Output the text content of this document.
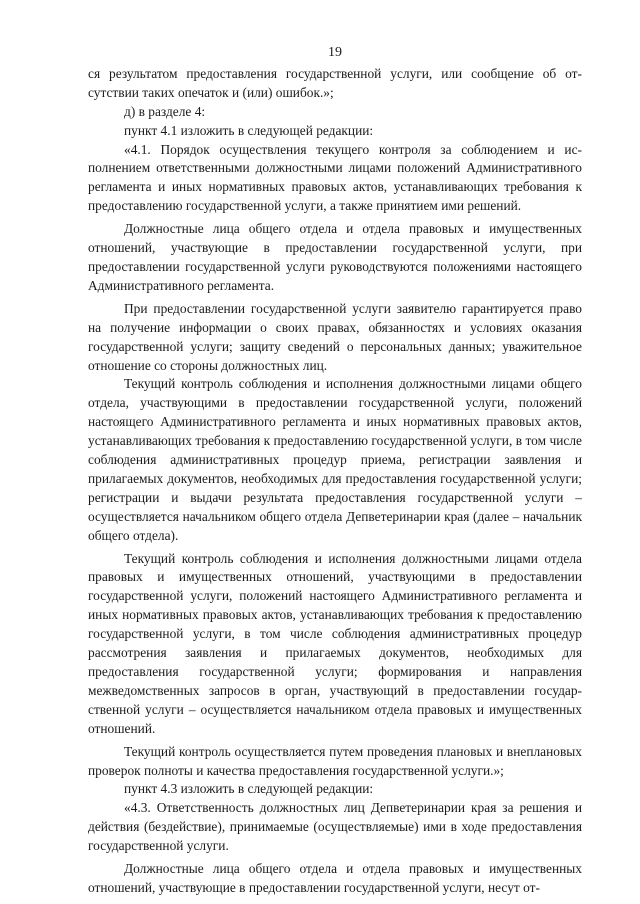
19

ся результатом предоставления государственной услуги, или сообщение об отсутствии таких опечаток и (или) ошибок.»;

д) в разделе 4:

пункт 4.1 изложить в следующей редакции:

«4.1. Порядок осуществления текущего контроля за соблюдением и исполнением ответственными должностными лицами положений Административного регламента и иных нормативных правовых актов, устанавливающих требования к предоставлению государственной услуги, а также принятием ими решений.

Должностные лица общего отдела и отдела правовых и имущественных отношений, участвующие в предоставлении государственной услуги, при предоставлении государственной услуги руководствуются положениями настоящего Административного регламента.

При предоставлении государственной услуги заявителю гарантируется право на получение информации о своих правах, обязанностях и условиях оказания государственной услуги; защиту сведений о персональных данных; уважительное отношение со стороны должностных лиц.

Текущий контроль соблюдения и исполнения должностными лицами общего отдела, участвующими в предоставлении государственной услуги, положений настоящего Административного регламента и иных нормативных правовых актов, устанавливающих требования к предоставлению государственной услуги, в том числе соблюдения административных процедур приема, регистрации заявления и прилагаемых документов, необходимых для предоставления государственной услуги; регистрации и выдачи результата предоставления государственной услуги – осуществляется начальником общего отдела Депветеринарии края (далее – начальник общего отдела).

Текущий контроль соблюдения и исполнения должностными лицами отдела правовых и имущественных отношений, участвующими в предоставлении государственной услуги, положений настоящего Административного регламента и иных нормативных правовых актов, устанавливающих требования к предоставлению государственной услуги, в том числе соблюдения административных процедур рассмотрения заявления и прилагаемых документов, необходимых для предоставления государственной услуги; формирования и направления межведомственных запросов в орган, участвующий в предоставлении государственной услуги – осуществляется начальником отдела правовых и имущественных отношений.

Текущий контроль осуществляется путем проведения плановых и внеплановых проверок полноты и качества предоставления государственной услуги.»;

пункт 4.3 изложить в следующей редакции:

«4.3. Ответственность должностных лиц Депветеринарии края за решения и действия (бездействие), принимаемые (осуществляемые) ими в ходе предоставления государственной услуги.

Должностные лица общего отдела и отдела правовых и имущественных отношений, участвующие в предоставлении государственной услуги, несут от-
